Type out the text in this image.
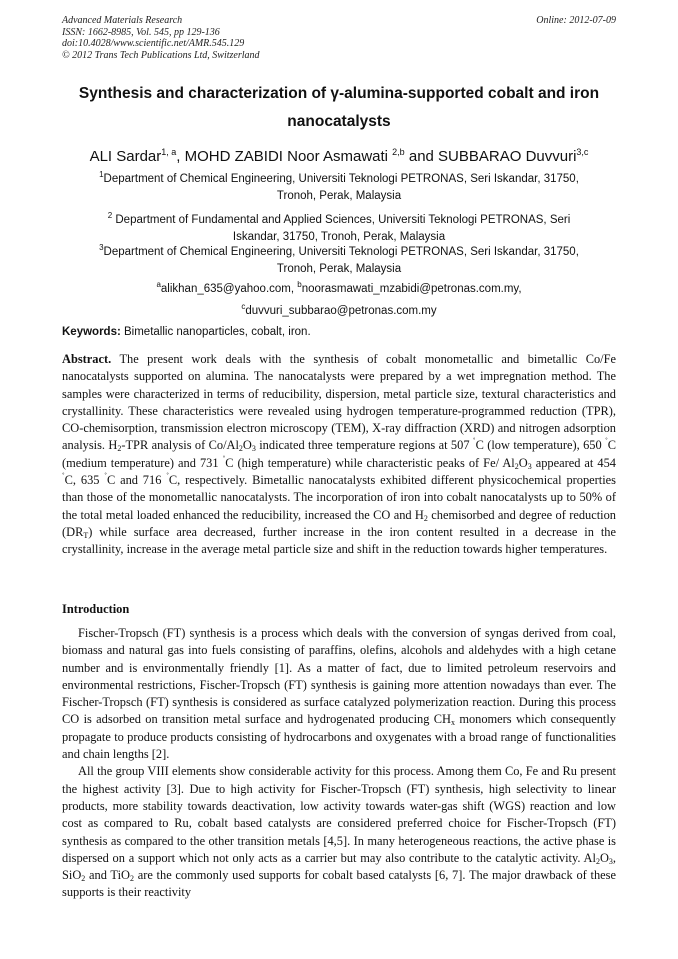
Advanced Materials Research
ISSN: 1662-8985, Vol. 545, pp 129-136
doi:10.4028/www.scientific.net/AMR.545.129
© 2012 Trans Tech Publications Ltd, Switzerland
Online: 2012-07-09
Synthesis and characterization of γ-alumina-supported cobalt and iron
nanocatalysts
ALI Sardar$^{1, a}$, MOHD ZABIDI Noor Asmawati $^{2,b}$ and SUBBARAO Duvvuri$^{3,c}$
$^1$Department of Chemical Engineering, Universiti Teknologi PETRONAS, Seri Iskandar, 31750,
Tronoh, Perak, Malaysia
$^2$ Department of Fundamental and Applied Sciences, Universiti Teknologi PETRONAS, Seri
Iskandar, 31750, Tronoh, Perak, Malaysia
$^3$Department of Chemical Engineering, Universiti Teknologi PETRONAS, Seri Iskandar, 31750,
Tronoh, Perak, Malaysia
$^a$alikhan_635@yahoo.com, $^b$noorasmawati_mzabidi@petronas.com.my,
$^c$duvvuri_subbarao@petronas.com.my
Keywords: Bimetallic nanoparticles, cobalt, iron.

Abstract. The present work deals with the synthesis of cobalt monometallic and bimetallic Co/Fe nanocatalysts supported on alumina. The nanocatalysts were prepared by a wet impregnation method. The samples were characterized in terms of reducibility, dispersion, metal particle size, textural characteristics and crystallinity. These characteristics were revealed using hydrogen temperature-programmed reduction (TPR), CO-chemisorption, transmission electron microscopy (TEM), X-ray diffraction (XRD) and nitrogen adsorption analysis. $H_2$-TPR analysis of $Co/Al_2O_3$ indicated three temperature regions at 507 ˚C (low temperature), 650 ˚C (medium temperature) and 731 ˚C (high temperature) while characteristic peaks of Fe/ $Al_2O_3$ appeared at 454 ˚C, 635 ˚C and 716 ˚C, respectively. Bimetallic nanocatalysts exhibited different physicochemical properties than those of the monometallic nanocatalysts. The incorporation of iron into cobalt nanocatalysts up to 50% of the total metal loaded enhanced the reducibility, increased the CO and $H_2$ chemisorbed and degree of reduction $(DR_T)$ while surface area decreased, further increase in the iron content resulted in a decrease in the crystallinity, increase in the average metal particle size and shift in the reduction towards higher temperatures.

Introduction

Fischer-Tropsch (FT) synthesis is a process which deals with the conversion of syngas derived from coal, biomass and natural gas into fuels consisting of paraffins, olefins, alcohols and aldehydes with a high cetane number and is environmentally friendly [1]. As a matter of fact, due to limited petroleum reservoirs and environmental restrictions, Fischer-Tropsch (FT) synthesis is gaining more attention nowadays than ever. The Fischer-Tropsch (FT) synthesis is considered as surface catalyzed polymerization reaction. During this process CO is adsorbed on transition metal surface and hydrogenated producing $CH_x$ monomers which consequently propagate to produce products consisting of hydrocarbons and oxygenates with a broad range of functionalities and chain lengths [2].

All the group VIII elements show considerable activity for this process. Among them Co, Fe and Ru present the highest activity [3]. Due to high activity for Fischer-Tropsch (FT) synthesis, high selectivity to linear products, more stability towards deactivation, low activity towards water-gas shift (WGS) reaction and low cost as compared to Ru, cobalt based catalysts are considered preferred choice for Fischer-Tropsch (FT) synthesis as compared to the other transition metals [4,5]. In many heterogeneous reactions, the active phase is dispersed on a support which not only acts as a carrier but may also contribute to the catalytic activity. $Al_2O_3$, SiO$_2$ and TiO$_2$ are the commonly used supports for cobalt based catalysts [6, 7]. The major drawback of these supports is their reactivity
